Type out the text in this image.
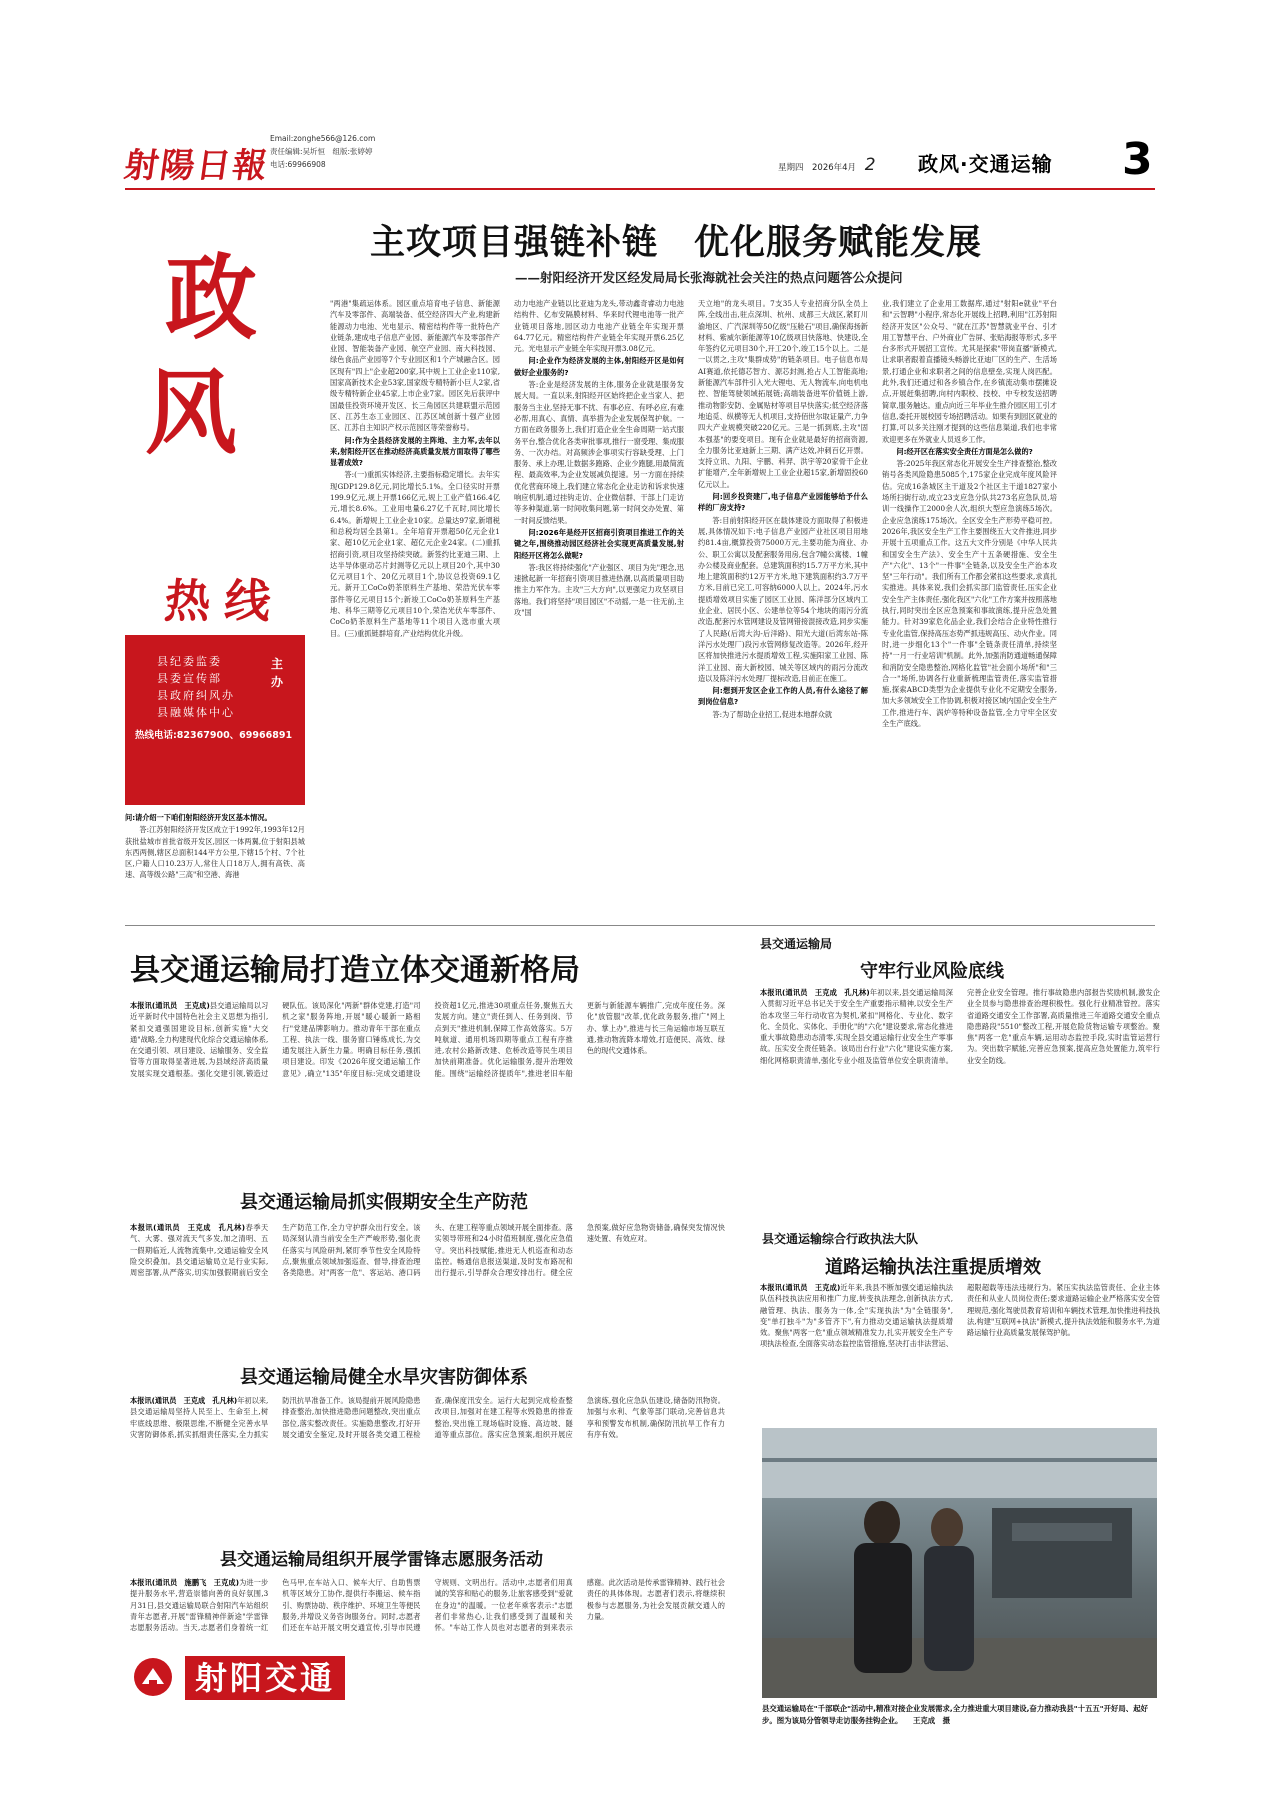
射陽日報
Email:zonghe566@126.com
责任编辑:吴圻恒　组版:张婷婷
电话:69966908	星期四　2026年4月 2 政风·交通运输 3
主攻项目强链补链　优化服务赋能发展
——射阳经济开发区经发局局长张海就社会关注的热点问题答公众提问
政
风
热线
县纪委监委
县委宣传部
县政府纠风办
县融媒体中心
主办
热线电话:82367900、69966891

问:请介绍一下咱们射阳经济开发区基本情况。

答:江苏射阳经济开发区成立于1992年,1993年12月获批盐城市首批省级开发区,园区一体两翼,位于射阳县城东西两侧,辖区总面积144平方公里,下辖15个村、7个社区,户籍人口10.23万人,常住人口18万人,拥有高铁、高速、高等级公路"三高"和空港、海港

"两港"集疏运体系。园区重点培育电子信息、新能源汽车及零部件、高端装备、低空经济四大产业,构建新能源动力电池、光电显示、精密结构件等一批特色产业链条,建成电子信息产业园、新能源汽车及零部件产业园、智能装备产业园、航空产业园、南大科技园、绿色食品产业园等7个专业园区和1个产城融合区。园区现有"四上"企业超200家,其中规上工业企业110家,国家高新技术企业53家,国家级专精特新小巨人2家,省级专精特新企业45家,上市企业7家。园区先后获评中国最佳投资环境开发区、长三角园区共建联盟示范园区、江苏生态工业园区、江苏区域创新十强产业园区、江苏自主知识产权示范园区等荣誉称号。

问:作为全县经济发展的主阵地、主力军,去年以来,射阳经开区在推动经济高质量发展方面取得了哪些显著成效?

答:(一)重抓实体经济,主要指标稳定增长。去年实现GDP129.8亿元,同比增长5.1%。全口径实时开票199.9亿元,规上开票166亿元,规上工业产值166.4亿元,增长8.6%。工业用电量6.27亿千瓦时,同比增长6.4%。新增规上工业企业10家。总量达97家,新增税和总税均居全县第1。全年培育开票超50亿元企业1家、超10亿元企业1家、超亿元企业24家。(二)重抓招商引资,项目攻坚持续突破。新签约比亚迪三期、上达半导体驱动芯片封测等亿元以上项目20个,其中30亿元项目1个、20亿元项目1个,协议总投资69.1亿元。新开工CoCo奶茶原料生产基地、荣浩光伏车零部件等亿元项目15个;新竣工CoCo奶茶原料生产基地、科华三期等亿元项目10个,荣浩光伏车零部件、CoCo奶茶原料生产基地等11个项目入选市重大项目。(三)重抓链群培育,产业结构优化升级。

动力电池产业链以比亚迪为龙头,带动鑫奇睿动力电池结构件、亿布安隔膜材料、华来时代锂电池等一批产业链项目落地,园区动力电池产业链全年实现开票64.77亿元。精密结构件产业链全年实现开票6.25亿元。光电显示产业链全年实现开票3.08亿元。

问:企业作为经济发展的主体,射阳经开区是如何做好企业服务的?

答:企业是经济发展的主体,服务企业就是服务发展大局。一直以来,射阳经开区始终把企业当家人、把服务当主业,坚持无事不扰、有事必应、有呼必应,有难必帮,用真心、真情、真举措为企业发展保驾护航。一方面在政务服务上,我们打造企业全生命周期一站式服务平台,整合优化各类审批事项,推行一窗受理、集成服务、一次办结。对高频涉企事项实行容缺受理、上门服务、承上办理,让数据多跑路、企业少跑腿,用最简流程、最高效率,为企业发展减负提速。另一方面在持续优化营商环境上,我们建立常态化企业走访和诉求快速响应机制,通过挂钩走访、企业微信群、干部上门走访等多种渠道,第一时间收集问题,第一时间交办处置、第一时间反馈结果。

问:2026年是经开区招商引资项目推进工作的关键之年,围绕推动园区经济社会实现更高质量发展,射阳经开区将怎么做呢?

答:我区将持续强化"产业强区、项目为先"理念,迅速掀起新一年招商引资项目推进热潮,以高质量项目助推主力军作为。主攻"三大方向",以更强定力攻坚项目落地。我们将坚持"项目园区"不动摇,一是一往无前,主攻"国

天立地"的龙头项目。7支35人专业招商分队全员上阵,全线出击,驻点深圳、杭州、成都三大战区,紧盯川渝地区、广汽深圳等50亿级"压舱石"项目,确保海扬新材料、紫威尔新能源等10亿级项目快落地、快建设,全年签约亿元项目30个,开工20个,竣工15个以上。二是一以贯之,主攻"集群成势"的链条项目。电子信息布局AI赛道,依托德芯智方、源芯封测,抢占人工智能高地;新能源汽车部件引入光大锂电、无人物流车,向电机电控、智能驾驶领域拓展链;高端装备进军价值链上游,推动物影安防、金属贴材等项目早快落实;低空经济落地追觅、纵横等无人机项目,支持佰世尔取证量产,力争四大产业规模突破220亿元。三是一抓到底,主攻"固本强基"的要变项目。现有企业就是最好的招商资源,全力服务比亚迪新上三期、满产达效,冲刺百亿开票。支持立讯、九阳、宇鹏、科羿、洪宇等20家骨干企业扩能增产,全年新增规上工业企业超15家,新增固投60亿元以上。

问:回乡投资建厂,电子信息产业园能够给予什么样的厂房支持?

答:目前射阳经开区在载体建设方面取得了积极进展,具体情况如下:电子信息产业园产业社区项目用地约81.4亩,概算投资75000万元,主要功能为商业、办公、职工公寓以及配套服务用房,包含7幢公寓楼、1幢办公楼及商业配套。总建筑面积约15.7万平方米,其中地上建筑面积约12万平方米,地下建筑面积约3.7万平方米,目前已完工,可容纳6000人以上。2024年,污水提质增效项目实施了园区工业园、陈洋部分区域内工业企业、居民小区、公建单位等54个地块的雨污分流改造,配套污水管网建设及管网错接混接改造,同步实施了人民路(后湾大沟-后洋路)、阳光大道(后湾东站-陈洋污水处理厂)段污水管网修复改造等。2026年,经开区将加快推进污水提质增效工程,实施阳家工业园、陈洋工业园、南大新校园、城关等区域内的雨污分流改造以及陈洋污水处理厂提标改造,目前正在施工。

问:想到开发区企业工作的人员,有什么途径了解到岗位信息?

答:为了帮助企业招工,促进本地群众就

业,我们建立了企业用工数据库,通过"射阳e就业"平台和"云智聘"小程序,常态化开展线上招聘,利用"江苏射阳经济开发区"公众号、"就在江苏"智慧就业平台、引才用工智慧平台、户外商业广告屏、张贴海报等形式,多平台多形式开展招工宣传。尤其是探索"带岗直播"新模式,让求职者跟着直播镜头畅游比亚迪厂区的生产、生活场景,打通企业和求职者之间的信息壁垒,实现人岗匹配。此外,我们还通过和各乡镇合作,在乡镇流动集市摆摊设点,开展赶集招聘,向村内职校、技校、中专校发送招聘简章,服务触达。重点向近三年毕业生推介园区用工引才信息,委托开展校园专场招聘活动。如果有到园区就业的打算,可以多关注刚才提到的这些信息渠道,我们也非常欢迎更多在外就业人员返乡工作。

问:经开区在落实安全责任方面是怎么做的?

答:2025年我区常态化开展安全生产排查整治,整改销号各类风险隐患5085个,175家企业完成年度风险评估。完成16条城区主干道及2个社区主干道1827家小场所扫街行动,成立23支应急分队共273名应急队员,培训一线操作工2000余人次,组织大型应急演练5场次。企业应急演练175场次。全区安全生产形势平稳可控。2026年,我区安全生产工作主要围绕五大文件推进,同步开展十五项重点工作。这五大文件分别是《中华人民共和国安全生产法》、安全生产十五条硬措施、安全生产"六化"、13个"一件事"全链条,以及安全生产治本攻坚"三年行动"。我们所有工作都会紧扣这些要求,求真扎实推进。具体来说,我们会抓实部门监管责任,压实企业安全生产主体责任,强化我区"六化"工作方案并按照落地执行,同时突出全区应急预案和事故演练,提升应急处置能力。针对39家危化品企业,我们会结合企业特性推行专业化监管,保持高压态势严抓违规高压、动火作业。同时,进一步细化13个"一件事"全链条责任清单,持续坚持"一月一行业培训"机制。此外,加强消防通道畅通保障和消防安全隐患整治,网格化监管"社会面小场所"和"三合一"场所,协调各行业重新梳理监管责任,落实监管措施,探索ABCD类型为企业提供专业化不定期安全服务,加大多领域安全工作协调,积极对接区域内国企安全生产工作,推进行车、涡炉等特种设备监管,全力守牢全区安全生产底线。

县交通运输局打造立体交通新格局
本报讯(通讯员　王克成)县交通运输局以习近平新时代中国特色社会主义思想为指引,紧扣交通强国建设目标,创新实施"大交通"战略,全力构建现代化综合交通运输体系,在交通引领、项目建设、运输服务、安全监管等方面取得显著进展,为县域经济高质量发展实现交通根基。强化交建引领,锻造过硬队伍。该局深化"两新"群体党建,打造"司机之家"服务阵地,开展"暖心暖新一路相行"党建品牌影响力。推动青年干部在重点工程、执法一线、服务窗口锤炼成长,为交通发展注入新生力量。明确目标任务,强抓项目建设。印发《2026年度交通运输工作意见》,确立"135"年度目标:完成交通建设投资超1亿元,推进30项重点任务,聚焦五大发展方向。建立"责任到人、任务到岗、节点到天"推进机制,保障工作高效落实。5万吨航道、通用机场四期等重点工程有序推进,农村公路新改建、危桥改造等民生项目加快前期准备。优化运输服务,提升治理效能。围绕"运输经济提质年",推进老旧车船更新与新能源车辆推广,完成年度任务。深化"放管服"改革,优化政务服务,推广"网上办、掌上办",推进与长三角运输市场互联互通,推动物流降本增效,打造便民、高效、绿色的现代交通体系。
县交通运输局
守牢行业风险底线
本报讯(通讯员　王克成　孔凡林)年初以来,县交通运输局深入贯彻习近平总书记关于安全生产重要指示精神,以安全生产治本攻坚三年行动收官为契机,紧扣"网格化、专业化、数字化、全员化、实体化、手册化"的"六化"建设要求,常态化推进重大事故隐患动态清零,实现全县交通运输行业安全生产零事故。压实安全责任链条。该局出台行业"六化"建设实施方案,细化网格职责清单,强化专业小组及监管单位安全职责清单。完善企业安全管理。推行事故隐患内部报告奖励机制,激发企业全员参与隐患排查治理积极性。强化行业精准管控。落实省道路交通安全工作部署,高质量推进三年道路交通安全重点隐患路段"5510"整改工程,开展危险货物运输专项整治。聚焦"两客一危"重点车辆,运用动态监控手段,实时监管运营行为。突出数字赋能,完善应急预案,提高应急处置能力,筑牢行业安全防线。
县交通运输局抓实假期安全生产防范
本报讯(通讯员　王克成　孔凡林)春季天气、大雾、强对流天气多发,加之清明、五一假期临近,人流物流集中,交通运输安全风险交织叠加。县交通运输局立足行业实际,周密部署,从严落实,切实加强假期前后安全生产防范工作,全力守护群众出行安全。该局深刻认清当前安全生产严峻形势,强化责任落实与风险研判,紧盯季节性安全风险特点,聚焦重点领域加强巡查、督导,排查治理各类隐患。对"两客一危"、客运站、港口码头、在建工程等重点领域开展全面排查。落实领导带班和24小时值班制度,强化应急值守。突出科技赋能,推进无人机巡查和动态监控。畅通信息报送渠道,及时发布路况和出行提示,引导群众合理安排出行。健全应急预案,做好应急物资储备,确保突发情况快速处置、有效应对。	县交通运输综合行政执法大队
道路运输执法注重提质增效
本报讯(通讯员　王克成)近年来,我县不断加强交通运输执法队伍科技执法应用和推广力度,转变执法理念,创新执法方式,融管理、执法、服务为一体,全"实现执法"为"全链服务",变"单打独斗"为"多管齐下",有力推动交通运输执法提质增效。聚焦"两客一危"重点领域精准发力,扎实开展安全生产专项执法检查,全面落实动态监控监管措施,坚决打击非法营运、超限超载等违法违规行为。紧压实执法监管责任、企业主体责任和从业人员岗位责任;要求道路运输企业严格落实安全管理规范,强化驾驶员教育培训和车辆技术管理,加快推进科技执法,构建"互联网+执法"新模式,提升执法效能和服务水平,为道路运输行业高质量发展保驾护航。
县交通运输局健全水旱灾害防御体系
本报讯(通讯员　王克成　孔凡林)年初以来,县交通运输局坚持人民至上、生命至上,树牢底线思维、极限思维,不断健全完善水旱灾害防御体系,抓实抓细责任落实,全力抓实防汛抗旱准备工作。该局提前开展风险隐患排查整治,加快推进隐患问题整改,突出重点部位,落实整改责任。实施隐患整改,打好开展交通安全鉴定,及时开展各类交通工程检查,确保度汛安全。运行大起到完成检查整改项目,加强对在建工程等水毁隐患的排查整治,突出施工现场临时设施、高边坡、隧道等重点部位。落实应急预案,组织开展应急演练,强化应急队伍建设,储备防汛物资。加强与水利、气象等部门联动,完善信息共享和预警发布机制,确保防汛抗旱工作有力有序有效。
县交通运输局在"千部联企"活动中,精准对接企业发展需求,全力推进重大项目建设,奋力推动我县"十五五"开好局、起好步。图为该局分管领导走访服务挂钩企业。 王克成　摄
县交通运输局组织开展学雷锋志愿服务活动
本报讯(通讯员　施鹏飞　王克成)为进一步提升服务水平,营造崇德向善的良好氛围,3月31日,县交通运输局联合射阳汽车站组织青年志愿者,开展"雷锋精神伴新途"学雷锋志愿服务活动。当天,志愿者们身着统一红色马甲,在车站入口、候车大厅、自助售票机等区域分工协作,提供行李搬运、候车指引、购票协助、秩序维护、环境卫生等便民服务,并增设义务咨询服务台。同时,志愿者们还在车站开展文明交通宣传,引导市民遵守规则、文明出行。活动中,志愿者们用真诚的笑容和贴心的服务,让旅客感受到"爱就在身边"的温暖。一位老年乘客表示:"志愿者们非常热心,让我们感受到了温暖和关怀。"车站工作人员也对志愿者的到来表示感谢。此次活动是传承雷锋精神、践行社会责任的具体体现。志愿者们表示,将继续积极参与志愿服务,为社会发展贡献交通人的力量。
射阳交通
